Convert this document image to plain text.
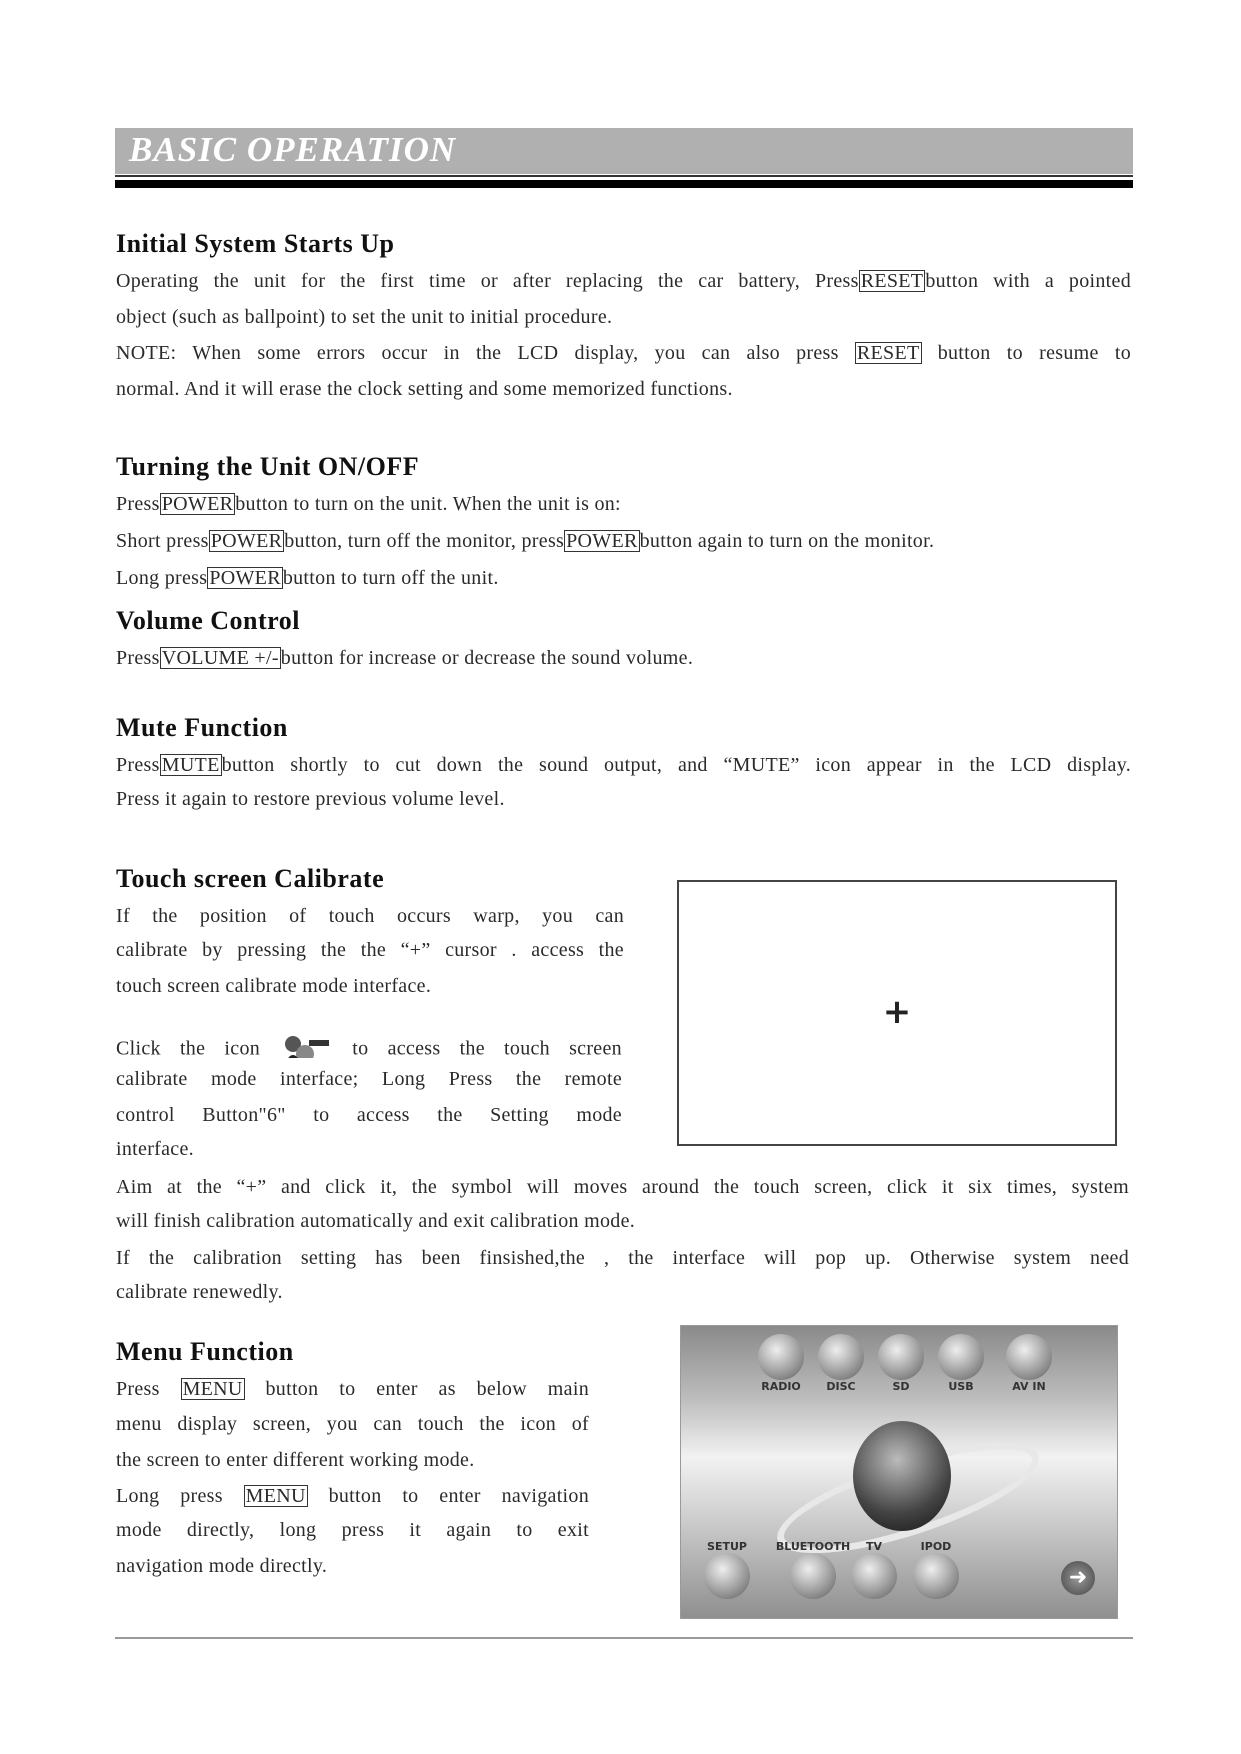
BASIC OPERATION
Initial System Starts Up
Operating the unit for the first time or after replacing the car battery, Press RESET button with a pointed
object (such as ballpoint) to set the unit to initial procedure.
NOTE: When some errors occur in the LCD display, you can also press RESET button to resume to
normal. And it will erase the clock setting and some memorized functions.
Turning the Unit ON/OFF
Press POWER button to turn on the unit. When the unit is on:
Short press POWER button, turn off the monitor, press POWER button again to turn on the monitor.
Long press POWER button to turn off the unit.
Volume Control
Press VOLUME +/- button for increase or decrease the sound volume.
Mute Function
Press MUTE button shortly to cut down the sound output, and “MUTE” icon appear in the LCD display.
Press it again to restore previous volume level.
Touch screen Calibrate
If the position of touch occurs warp, you can
calibrate by pressing the the “+” cursor . access the
touch screen calibrate mode interface.
Click the icon	to access the touch screen
calibrate mode interface; Long Press the remote
control Button"6" to access the Setting mode
interface.
Aim at the “+” and click it, the symbol will moves around the touch screen, click it six times, system
will finish calibration automatically and exit calibration mode.
If the calibration setting has been finsished,the , the interface will pop up. Otherwise system need
calibrate renewedly.
Menu Function
Press MENU button to enter as below main
menu display screen, you can touch the icon of
the screen to enter different working mode.
Long press MENU button to enter navigation
mode directly, long press it again to exit
navigation mode directly.
+
➜
RADIO	DISC	SD	USB	AV IN
SETUP	BLUETOOTH	TV	IPOD
